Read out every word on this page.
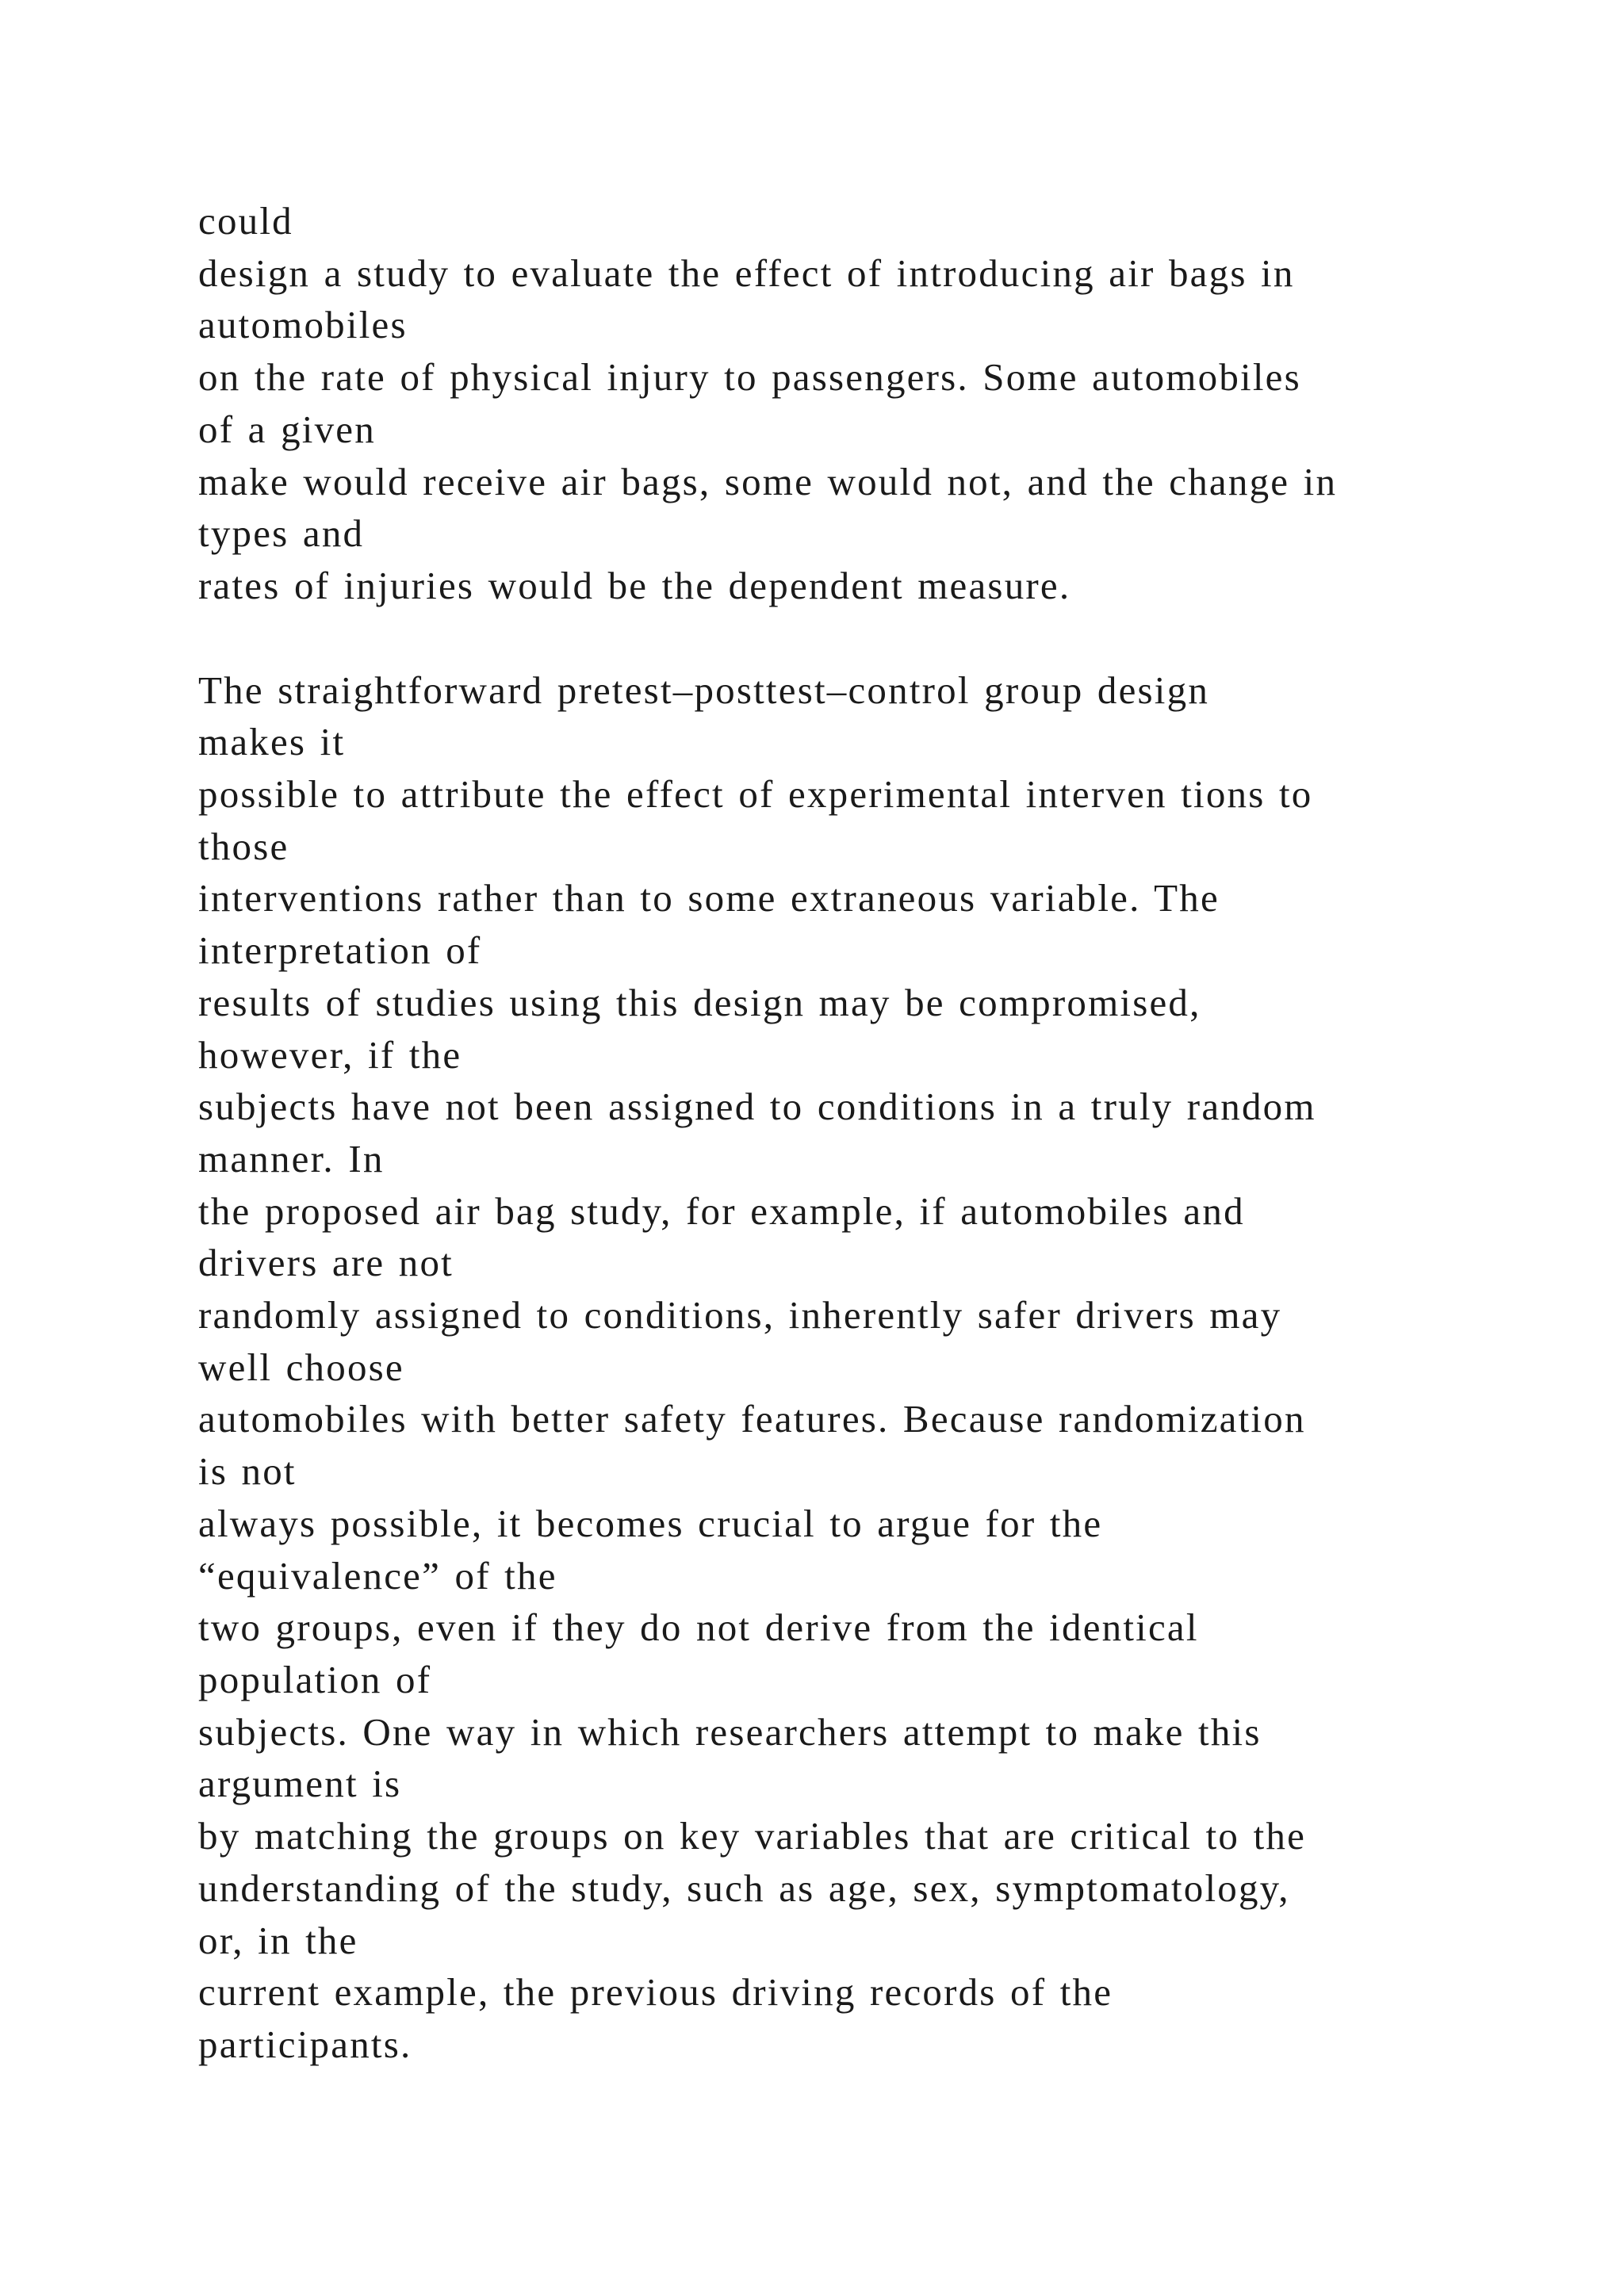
could
design a study to evaluate the effect of introducing air bags in
automobiles
on the rate of physical injury to passengers. Some automobiles
of a given
make would receive air bags, some would not, and the change in
types and
rates of injuries would be the dependent measure.

The straightforward pretest–posttest–control group design
makes it
possible to attribute the effect of experimental interven tions to
those
interventions rather than to some extraneous variable. The
interpretation of
results of studies using this design may be compromised,
however, if the
subjects have not been assigned to conditions in a truly random
manner. In
the proposed air bag study, for example, if automobiles and
drivers are not
randomly assigned to conditions, inherently safer drivers may
well choose
automobiles with better safety features. Because randomization
is not
always possible, it becomes crucial to argue for the
“equivalence” of the
two groups, even if they do not derive from the identical
population of
subjects. One way in which researchers attempt to make this
argument is
by matching the groups on key variables that are critical to the
understanding of the study, such as age, sex, symptomatology,
or, in the
current example, the previous driving records of the
participants.
